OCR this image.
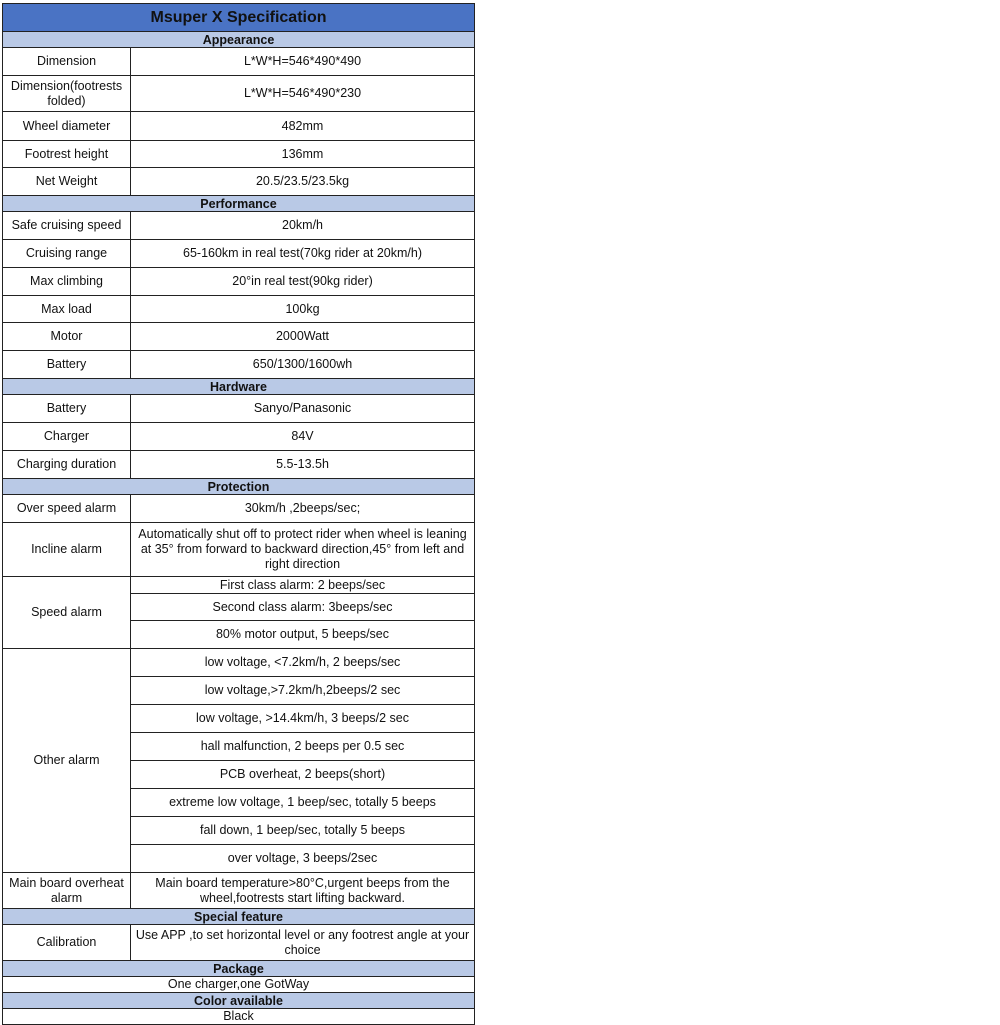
Msuper X Specification	
Appearance	
Dimension	L*W*H=546*490*490
Dimension(footrests folded)	L*W*H=546*490*230
Wheel diameter	482mm
Footrest height	136mm
Net Weight	20.5/23.5/23.5kg
Performance	
Safe cruising speed	20km/h
Cruising range	65-160km in real test(70kg rider at 20km/h)
Max climbing	20°in real test(90kg rider)
Max load	100kg
Motor	2000Watt
Battery	650/1300/1600wh
Hardware	
Battery	Sanyo/Panasonic
Charger	84V
Charging duration	5.5-13.5h
Protection	
Over speed alarm	30km/h ,2beeps/sec;
Incline alarm	Automatically shut off to protect rider when wheel is leaning at 35° from forward to backward direction,45° from left and right direction
Speed alarm	First class alarm: 2 beeps/sec
	Second class alarm: 3beeps/sec
	80% motor output, 5 beeps/sec
Other alarm	low voltage, <7.2km/h, 2 beeps/sec
	low voltage,>7.2km/h,2beeps/2 sec
	low voltage, >14.4km/h, 3 beeps/2 sec
	hall malfunction, 2 beeps per 0.5 sec
	PCB overheat, 2 beeps(short)
	extreme low voltage, 1 beep/sec, totally 5 beeps
	fall down, 1 beep/sec, totally 5 beeps
	over voltage, 3 beeps/2sec
Main board overheat alarm	Main board temperature>80°C,urgent beeps from the wheel,footrests start lifting backward.
Special feature	
Calibration	Use APP ,to set horizontal level or any footrest angle at your choice
Package	
One charger,one GotWay	
Color available	
Black	
